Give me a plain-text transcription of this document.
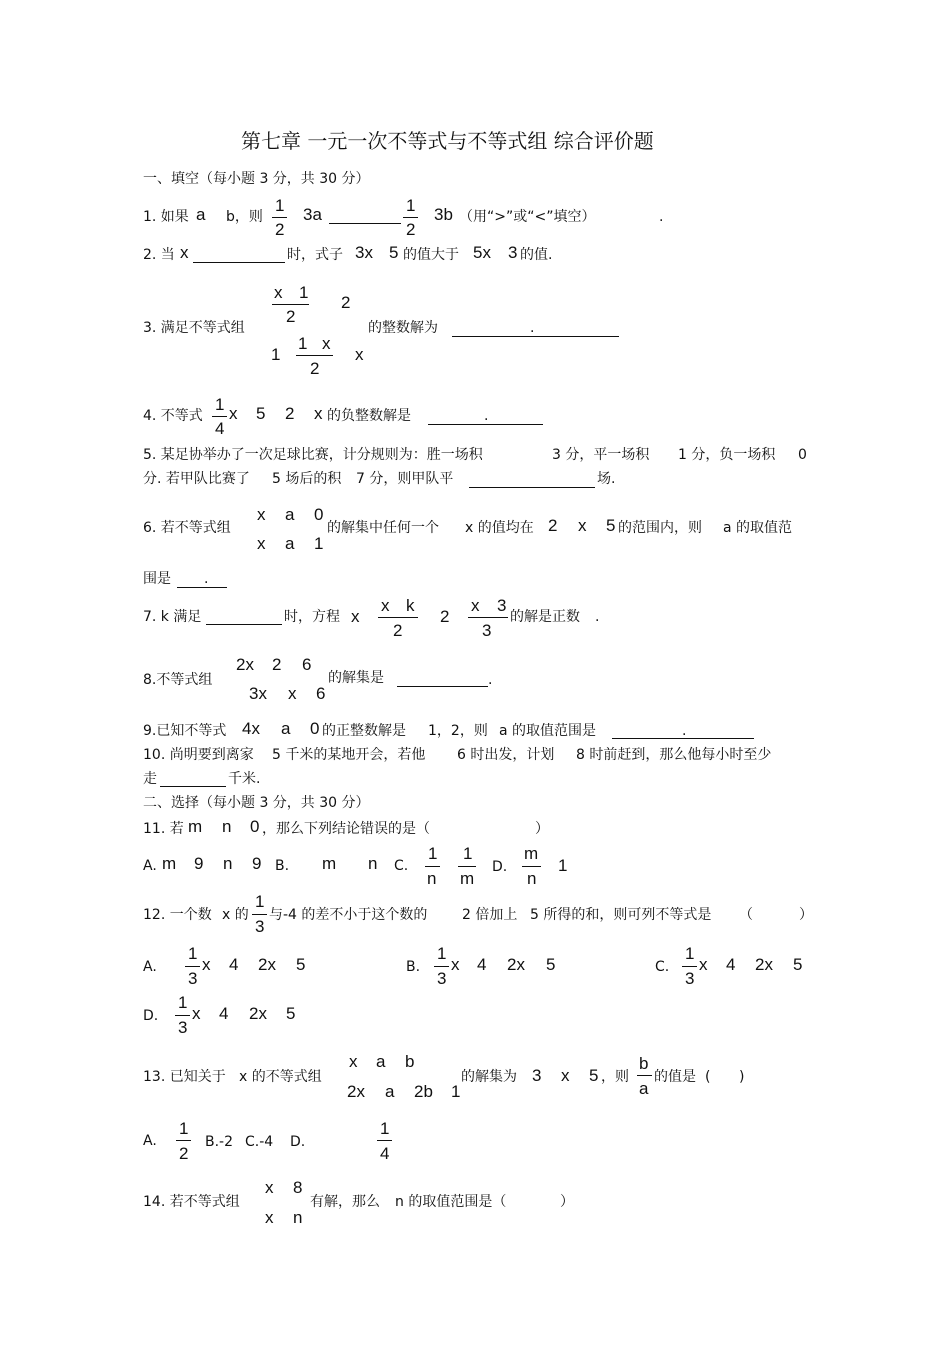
第七章 一元一次不等式与不等式组 综合评价题
一、填空（每小题 3 分，共 30 分）
1. 如果 a b，则
1
2
3a	1
2
3b （用“>”或“<”填空）	.
2. 当 x	时，式子 3x 5 的值大于 5x 3 的值.
3. 满足不等式组
x 1
2
2
1
1 x
2
x
的整数解为	.
4. 不等式
1
4
x 5 2 x 的负整数解是	.
5. 某足协举办了一次足球比赛，计分规则为：胜一场积	3 分，平一场积 1 分，负一场积 0
分. 若甲队比赛了 5 场后的积 7 分，则甲队平	场.
6. 若不等式组
x a 0
x a 1
的解集中任何一个 x 的值均在 2 x 5 的范围内，则 a 的取值范
围是 .
7. k 满足	时，方程 x
x k
2
2
x 3
3
的解是正数 .
8.不等式组
2x 2 6
3x x 6
的解集是	.
9.已知不等式 4x a 0 的正整数解是 1，2，则 a 的取值范围是	.
10. 尚明要到离家 5 千米的某地开会，若他 6 时出发，计划 8 时前赶到，那么他每小时至少
走	千米.
二、选择（每小题 3 分，共 30 分）
11. 若 m n 0 ，那么下列结论错误的是（	）
A. m 9 n 9 B. m n C.
1
n
1
m
D.
m
n
1
12. 一个数 x 的
1
3
与-4 的差不小于这个数的 2 倍加上 5 所得的和，则可列不等式是 （	）
A.
1
3
x 4 2x 5	B.
1
3
x 4 2x 5	C.
1
3
x 4 2x 5
D.
1
3
x 4 2x 5
13. 已知关于 x 的不等式组
x a b
2x a 2b 1
的解集为 3 x 5 ，则
b
a
的值是 ( )
A.
1
2
B.-2 C.-4 D.
1
4
14. 若不等式组
x 8
x n
有解，那么 n 的取值范围是（	）
